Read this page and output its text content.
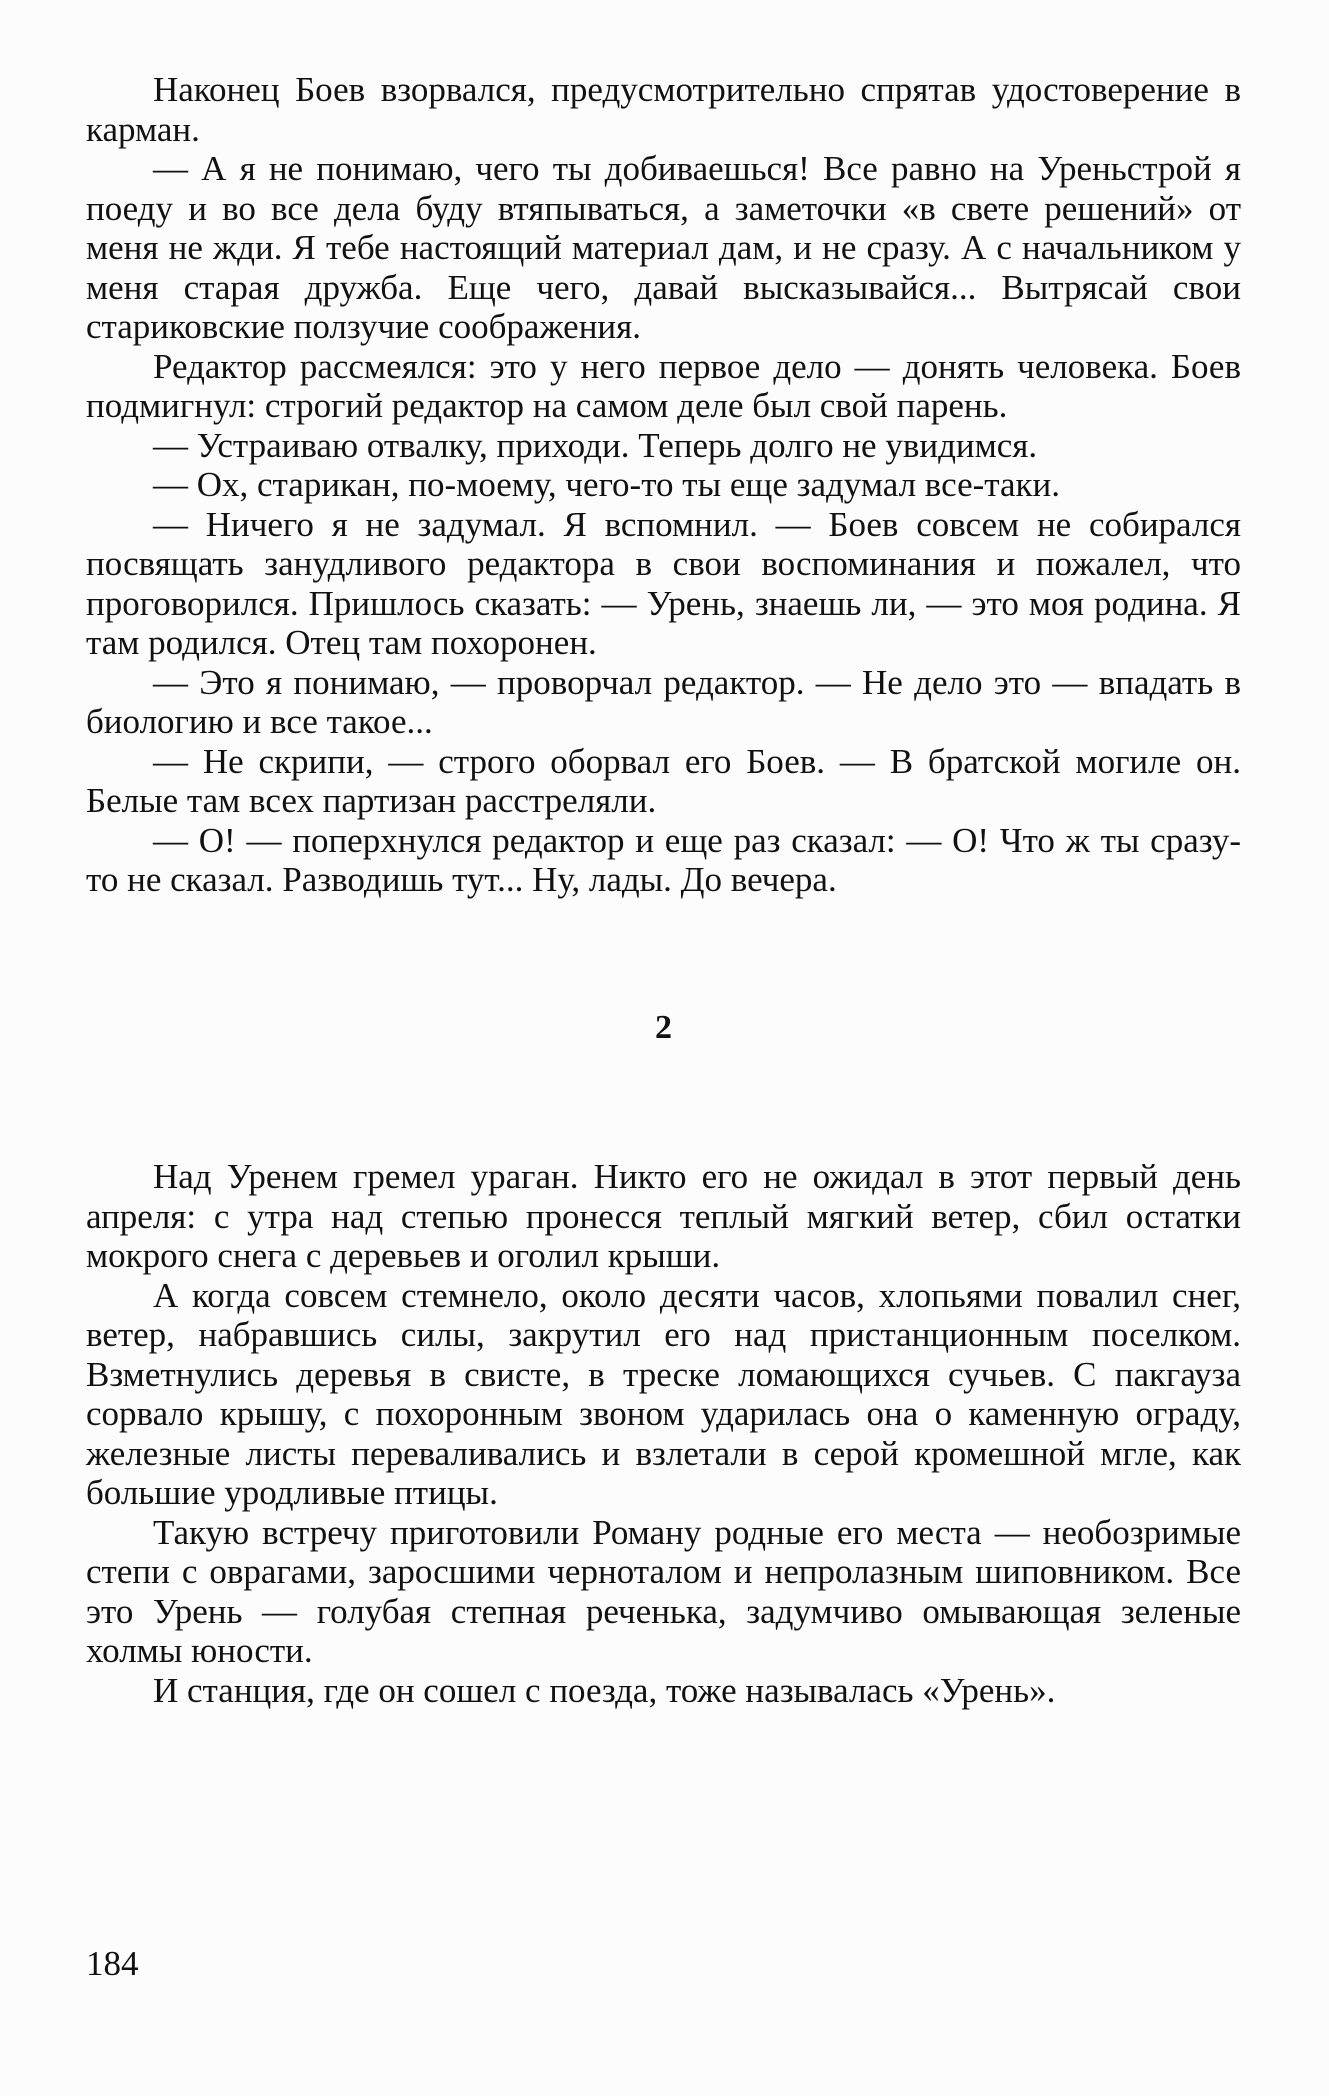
Наконец Боев взорвался, предусмотрительно спрятав удостоверение в карман.

— А я не понимаю, чего ты добиваешься! Все равно на Уреньстрой я поеду и во все дела буду втяпываться, а заметочки «в свете решений» от меня не жди. Я тебе настоящий материал дам, и не сразу. А с начальником у меня старая дружба. Еще чего, давай высказывайся... Вытрясай свои стариковские ползучие соображения.

Редактор рассмеялся: это у него первое дело — донять человека. Боев подмигнул: строгий редактор на самом деле был свой парень.

— Устраиваю отвалку, приходи. Теперь долго не увидимся.

— Ох, старикан, по-моему, чего-то ты еще задумал все-таки.

— Ничего я не задумал. Я вспомнил. — Боев совсем не собирался посвящать занудливого редактора в свои воспоминания и пожалел, что проговорился. Пришлось сказать: — Урень, знаешь ли, — это моя родина. Я там родился. Отец там похоронен.

— Это я понимаю, — проворчал редактор. — Не дело это — впадать в биологию и все такое...

— Не скрипи, — строго оборвал его Боев. — В братской могиле он. Белые там всех партизан расстреляли.

— О! — поперхнулся редактор и еще раз сказал: — О! Что ж ты сразу-то не сказал. Разводишь тут... Ну, лады. До вечера.

2

Над Уренем гремел ураган. Никто его не ожидал в этот первый день апреля: с утра над степью пронесся теплый мягкий ветер, сбил остатки мокрого снега с деревьев и оголил крыши.

А когда совсем стемнело, около десяти часов, хлопьями повалил снег, ветер, набравшись силы, закрутил его над пристанционным поселком. Взметнулись деревья в свисте, в треске ломающихся сучьев. С пакгауза сорвало крышу, с похоронным звоном ударилась она о каменную ограду, железные листы переваливались и взлетали в серой кромешной мгле, как большие уродливые птицы.

Такую встречу приготовили Роману родные его места — необозримые степи с оврагами, заросшими черноталом и непролазным шиповником. Все это Урень — голубая степная реченька, задумчиво омывающая зеленые холмы юности.

И станция, где он сошел с поезда, тоже называлась «Урень».

184
